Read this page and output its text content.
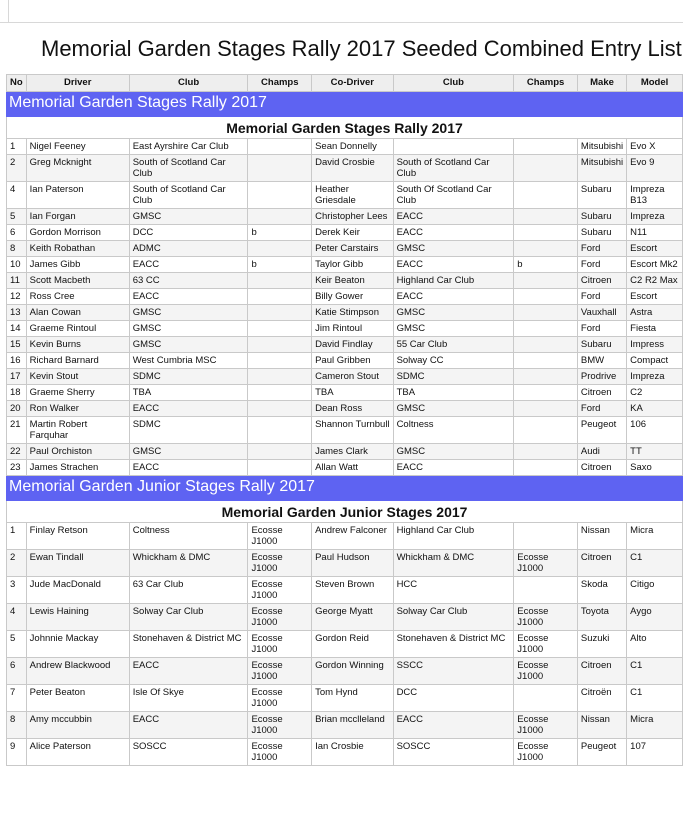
Memorial Garden Stages Rally 2017 Seeded Combined Entry List
No	Driver	Club	Champs	Co-Driver	Club	Champs	Make	Model
Memorial Garden Stages Rally 2017								
Memorial Garden Stages Rally 2017								
1	Nigel Feeney	East Ayrshire Car Club		Sean Donnelly			Mitsubishi	Evo X
2	Greg Mcknight	South of Scotland Car Club		David Crosbie	South of Scotland Car Club		Mitsubishi	Evo 9
4	Ian Paterson	South of Scotland Car Club		Heather Griesdale	South Of Scotland Car Club		Subaru	Impreza B13
5	Ian Forgan	GMSC		Christopher Lees	EACC		Subaru	Impreza
6	Gordon Morrison	DCC	b	Derek Keir	EACC		Subaru	N11
8	Keith Robathan	ADMC		Peter Carstairs	GMSC		Ford	Escort
10	James Gibb	EACC	b	Taylor Gibb	EACC	b	Ford	Escort Mk2
11	Scott Macbeth	63 CC		Keir Beaton	Highland Car Club		Citroen	C2 R2 Max
12	Ross Cree	EACC		Billy Gower	EACC		Ford	Escort
13	Alan Cowan	GMSC		Katie Stimpson	GMSC		Vauxhall	Astra
14	Graeme Rintoul	GMSC		Jim Rintoul	GMSC		Ford	Fiesta
15	Kevin Burns	GMSC		David Findlay	55 Car Club		Subaru	Impress
16	Richard Barnard	West Cumbria MSC		Paul Gribben	Solway CC		BMW	Compact
17	Kevin Stout	SDMC		Cameron Stout	SDMC		Prodrive	Impreza
18	Graeme Sherry	TBA		TBA	TBA		Citroen	C2
20	Ron Walker	EACC		Dean Ross	GMSC		Ford	KA
21	Martin Robert Farquhar	SDMC		Shannon Turnbull	Coltness		Peugeot	106
22	Paul Orchiston	GMSC		James Clark	GMSC		Audi	TT
23	James Strachen	EACC		Allan Watt	EACC		Citroen	Saxo
Memorial Garden Junior Stages Rally 2017								
Memorial Garden Junior Stages 2017								
1	Finlay Retson	Coltness	Ecosse J1000	Andrew Falconer	Highland Car Club		Nissan	Micra
2	Ewan Tindall	Whickham & DMC	Ecosse J1000	Paul Hudson	Whickham & DMC	Ecosse J1000	Citroen	C1
3	Jude MacDonald	63 Car Club	Ecosse J1000	Steven Brown	HCC		Skoda	Citigo
4	Lewis Haining	Solway Car Club	Ecosse J1000	George Myatt	Solway Car Club	Ecosse J1000	Toyota	Aygo
5	Johnnie Mackay	Stonehaven & District MC	Ecosse J1000	Gordon Reid	Stonehaven & District MC	Ecosse J1000	Suzuki	Alto
6	Andrew Blackwood	EACC	Ecosse J1000	Gordon Winning	SSCC	Ecosse J1000	Citroen	C1
7	Peter Beaton	Isle Of Skye	Ecosse J1000	Tom Hynd	DCC		Citroën	C1
8	Amy mccubbin	EACC	Ecosse J1000	Brian mcclleland	EACC	Ecosse J1000	Nissan	Micra
9	Alice Paterson	SOSCC	Ecosse J1000	Ian Crosbie	SOSCC	Ecosse J1000	Peugeot	107
